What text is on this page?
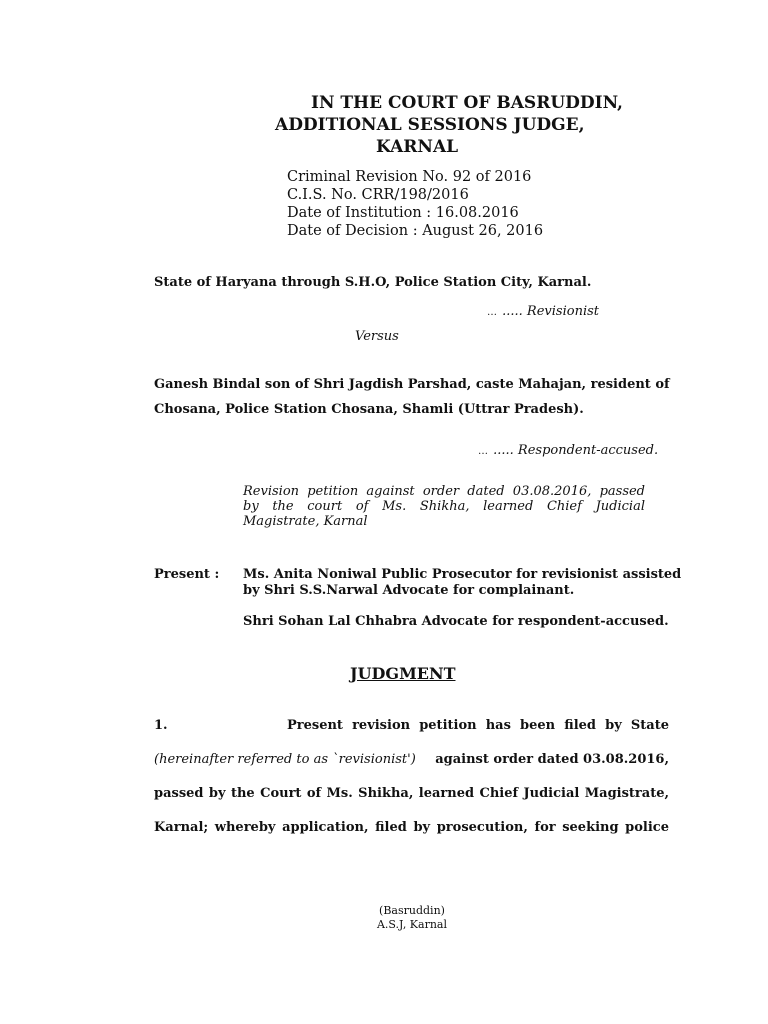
IN THE COURT OF BASRUDDIN,
ADDITIONAL SESSIONS JUDGE,
KARNAL
Criminal Revision No. 92 of 2016
C.I.S. No. CRR/198/2016
Date of Institution : 16.08.2016
Date of Decision : August 26, 2016
State of Haryana through S.H.O, Police Station City, Karnal.
… ..... Revisionist
Versus
Ganesh Bindal son of Shri Jagdish Parshad, caste Mahajan, resident of
Chosana, Police Station Chosana, Shamli (Uttrar Pradesh).
… ..... Respondent-accused.
Revision petition against order dated 03.08.2016, passed
by the court of Ms. Shikha, learned Chief Judicial
Magistrate, Karnal
Present : Ms. Anita Noniwal Public Prosecutor for revisionist assisted
by Shri S.S.Narwal Advocate for complainant.
Shri Sohan Lal Chhabra Advocate for respondent-accused.
JUDGMENT
1.	Present revision petition has been filed by State
(hereinafter referred to as `revisionist') against order dated 03.08.2016,
passed by the Court of Ms. Shikha, learned Chief Judicial Magistrate,
Karnal; whereby application, filed by prosecution, for seeking police
(Basruddin)
A.S.J, Karnal
